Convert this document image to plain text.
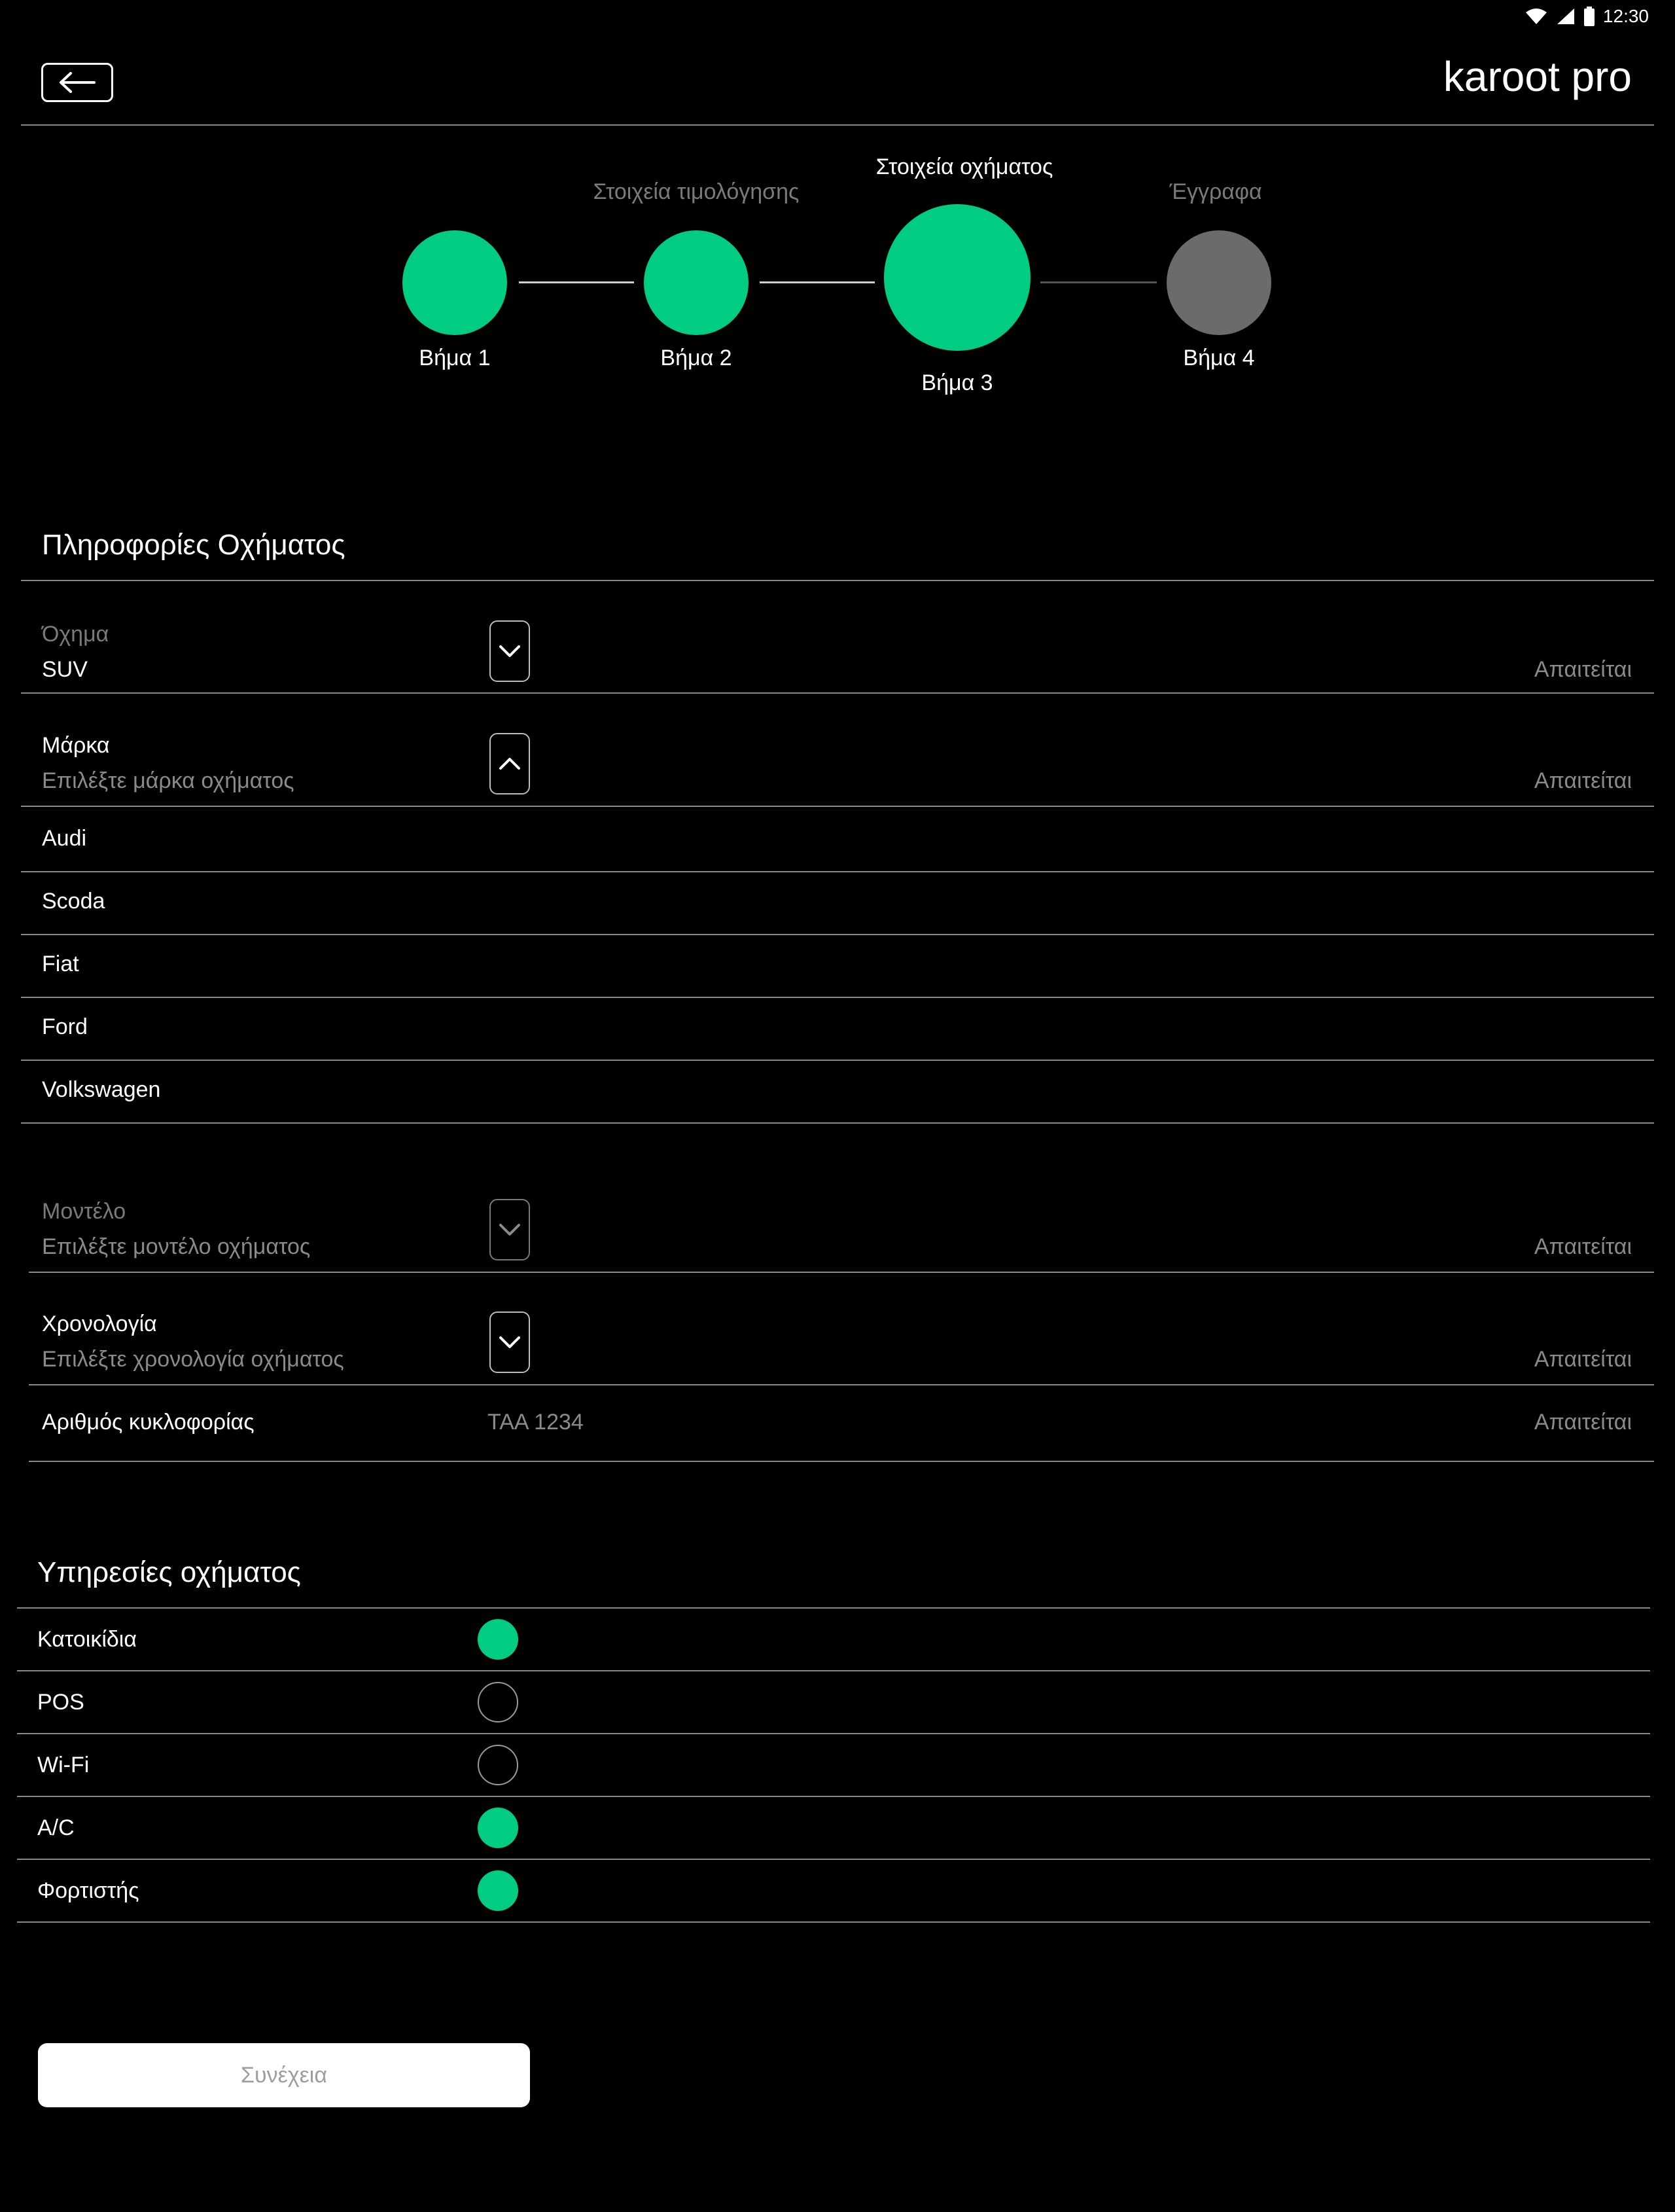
12:30
karoot pro
Βήμα 1
Στοιχεία τιμολόγησης
Βήμα 2
Στοιχεία οχήματος
Βήμα 3
Έγγραφα
Βήμα 4
Πληροφορίες Οχήματος
Όχημα
SUV	Απαιτείται
Μάρκα
Επιλέξτε μάρκα οχήματος	Απαιτείται
Audi
Scoda
Fiat
Ford
Volkswagen
Μοντέλο
Επιλέξτε μοντέλο οχήματος	Απαιτείται
Χρονολογία
Επιλέξτε χρονολογία οχήματος	Απαιτείται
Αριθμός κυκλοφορίας	TAA 1234	Απαιτείται
Υπηρεσίες οχήματος
Κατοικίδια
POS
Wi-Fi
A/C
Φορτιστής
Συνέχεια
